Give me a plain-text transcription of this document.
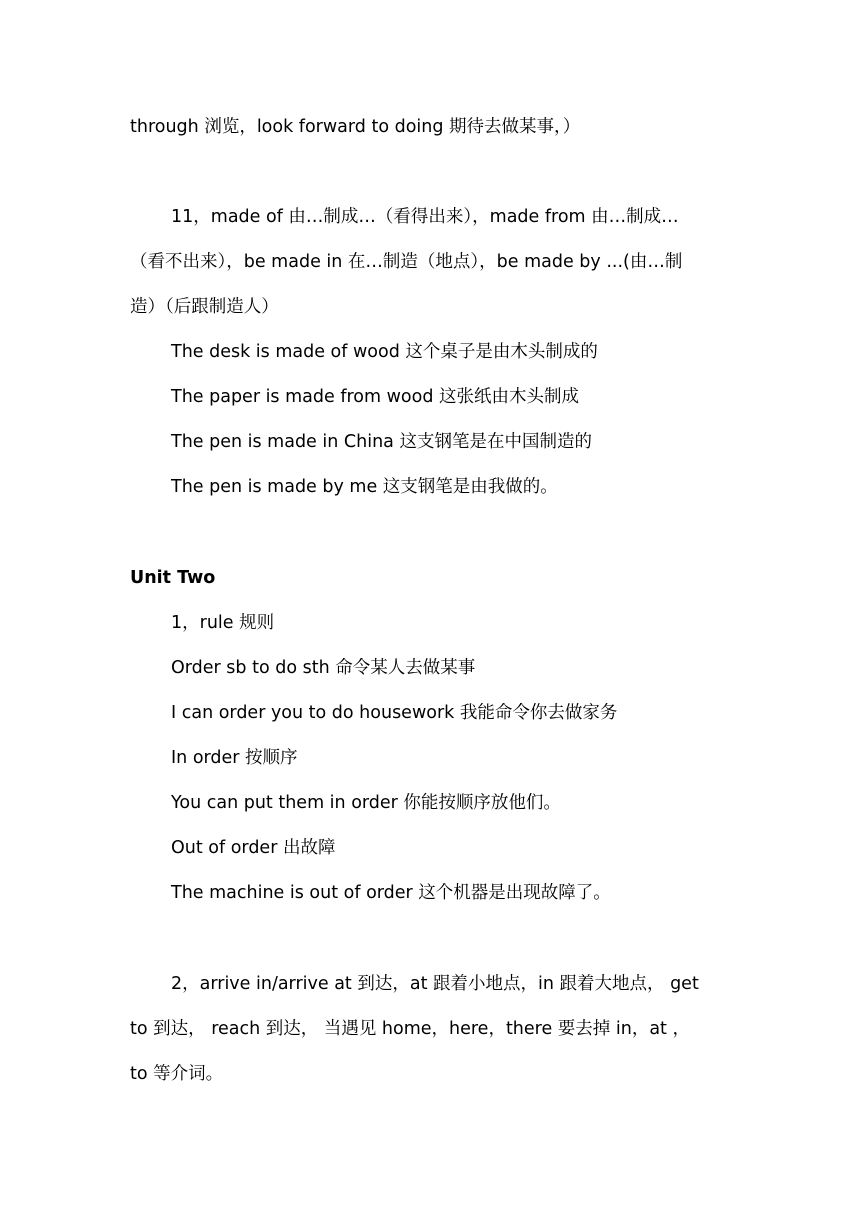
through 浏览，look forward to doing 期待去做某事，）
11，made of 由…制成…（看得出来），made from 由…制成…
（看不出来），be made in 在…制造（地点），be made by ...(由…制
造）（后跟制造人）
The desk is made of wood 这个桌子是由木头制成的
The paper is made from wood 这张纸由木头制成
The pen is made in China 这支钢笔是在中国制造的
The pen is made by me 这支钢笔是由我做的。
Unit Two
1，rule 规则
Order sb to do sth 命令某人去做某事
I can order you to do housework 我能命令你去做家务
In order 按顺序
You can put them in order 你能按顺序放他们。
Out of order 出故障
The machine is out of order 这个机器是出现故障了。
2，arrive in/arrive at 到达，at 跟着小地点，in 跟着大地点， get
to 到达， reach 到达， 当遇见 home，here，there 要去掉 in，at ，
to 等介词。
